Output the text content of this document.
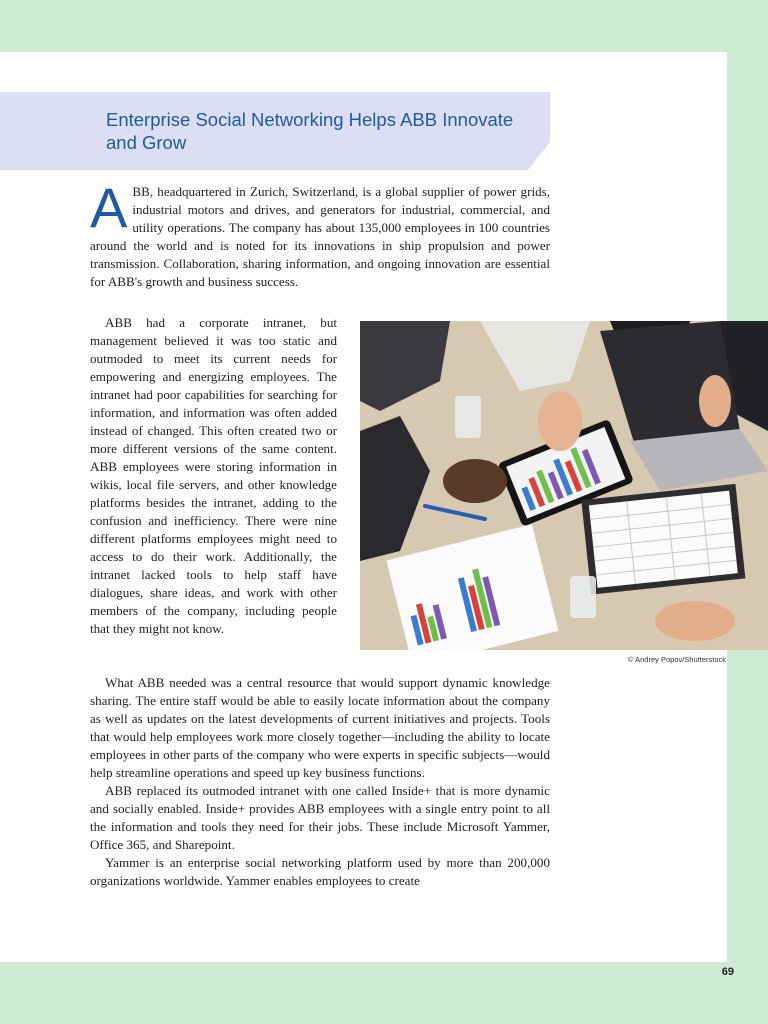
Enterprise Social Networking Helps ABB Innovate and Grow

ABB, headquartered in Zurich, Switzerland, is a global supplier of power grids, industrial motors and drives, and generators for industrial, commercial, and utility operations. The company has about 135,000 employees in 100 countries around the world and is noted for its innovations in ship propulsion and power transmission. Collaboration, sharing information, and ongoing innovation are essential for ABB's growth and business success.

ABB had a corporate intranet, but management believed it was too static and outmoded to meet its current needs for empowering and energizing employees. The intranet had poor capabilities for searching for information, and information was often added instead of changed. This often created two or more different versions of the same content. ABB employees were storing information in wikis, local file servers, and other knowledge platforms besides the intranet, adding to the confusion and inefficiency. There were nine different platforms employees might need to access to do their work. Additionally, the intranet lacked tools to help staff have dialogues, share ideas, and work with other members of the company, including people that they might not know.

© Andrey Popov/Shutterstock

What ABB needed was a central resource that would support dynamic knowledge sharing. The entire staff would be able to easily locate information about the company as well as updates on the latest developments of current initiatives and projects. Tools that would help employees work more closely together—including the ability to locate employees in other parts of the company who were experts in specific subjects—would help streamline operations and speed up key business functions.

ABB replaced its outmoded intranet with one called Inside+ that is more dynamic and socially enabled. Inside+ provides ABB employees with a single entry point to all the information and tools they need for their jobs. These include Microsoft Yammer, Office 365, and Sharepoint.

Yammer is an enterprise social networking platform used by more than 200,000 organizations worldwide. Yammer enables employees to create

69
